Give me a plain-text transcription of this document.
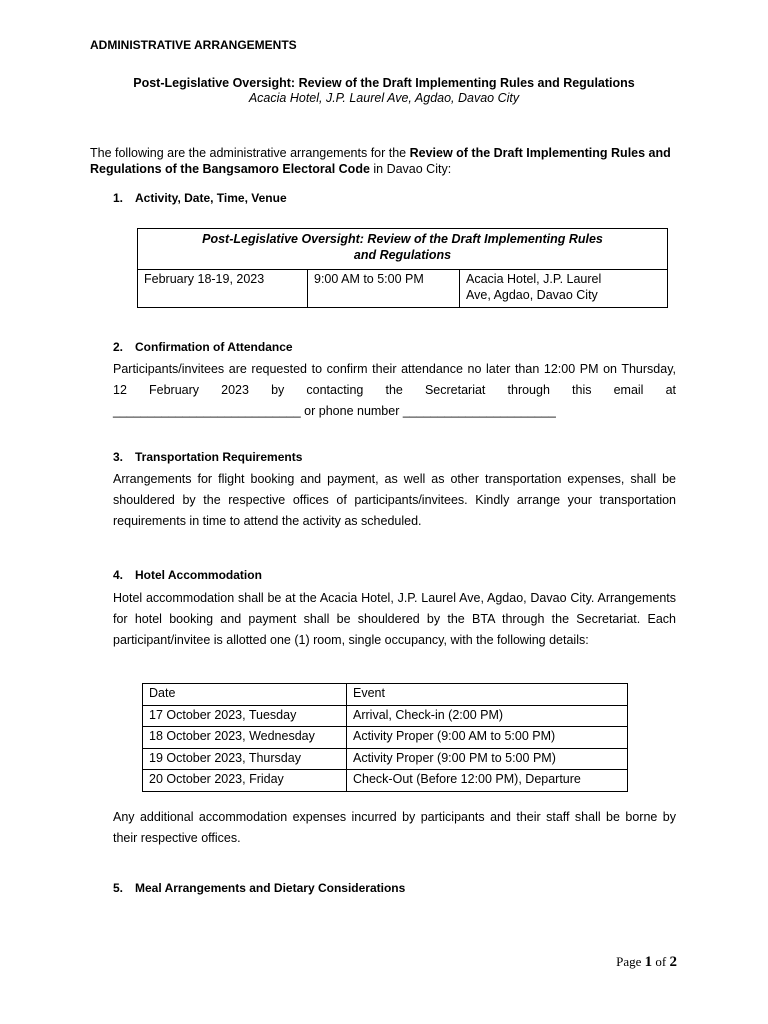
ADMINISTRATIVE ARRANGEMENTS
Post-Legislative Oversight: Review of the Draft Implementing Rules and Regulations
Acacia Hotel, J.P. Laurel Ave, Agdao, Davao City
The following are the administrative arrangements for the Review of the Draft Implementing Rules and Regulations of the Bangsamoro Electoral Code in Davao City:
1. Activity, Date, Time, Venue
Post-Legislative Oversight: Review of the Draft Implementing Rules
and Regulations
February 18-19, 2023	9:00 AM to 5:00 PM	Acacia Hotel, J.P. Laurel
Ave, Agdao, Davao City
2. Confirmation of Attendance
Participants/invitees are requested to confirm their attendance no later than 12:00 PM on Thursday, 12 February 2023 by contacting the Secretariat through this email at ___________________________ or phone number ______________________
3. Transportation Requirements
Arrangements for flight booking and payment, as well as other transportation expenses, shall be shouldered by the respective offices of participants/invitees. Kindly arrange your transportation requirements in time to attend the activity as scheduled.
4. Hotel Accommodation
Hotel accommodation shall be at the Acacia Hotel, J.P. Laurel Ave, Agdao, Davao City. Arrangements for hotel booking and payment shall be shouldered by the BTA through the Secretariat. Each participant/invitee is allotted one (1) room, single occupancy, with the following details:
Date	Event
17 October 2023, Tuesday	Arrival, Check-in (2:00 PM)
18 October 2023, Wednesday	Activity Proper (9:00 AM to 5:00 PM)
19 October 2023, Thursday	Activity Proper (9:00 PM to 5:00 PM)
20 October 2023, Friday	Check-Out (Before 12:00 PM), Departure
Any additional accommodation expenses incurred by participants and their staff shall be borne by their respective offices.
5. Meal Arrangements and Dietary Considerations
Page 1 of 2
